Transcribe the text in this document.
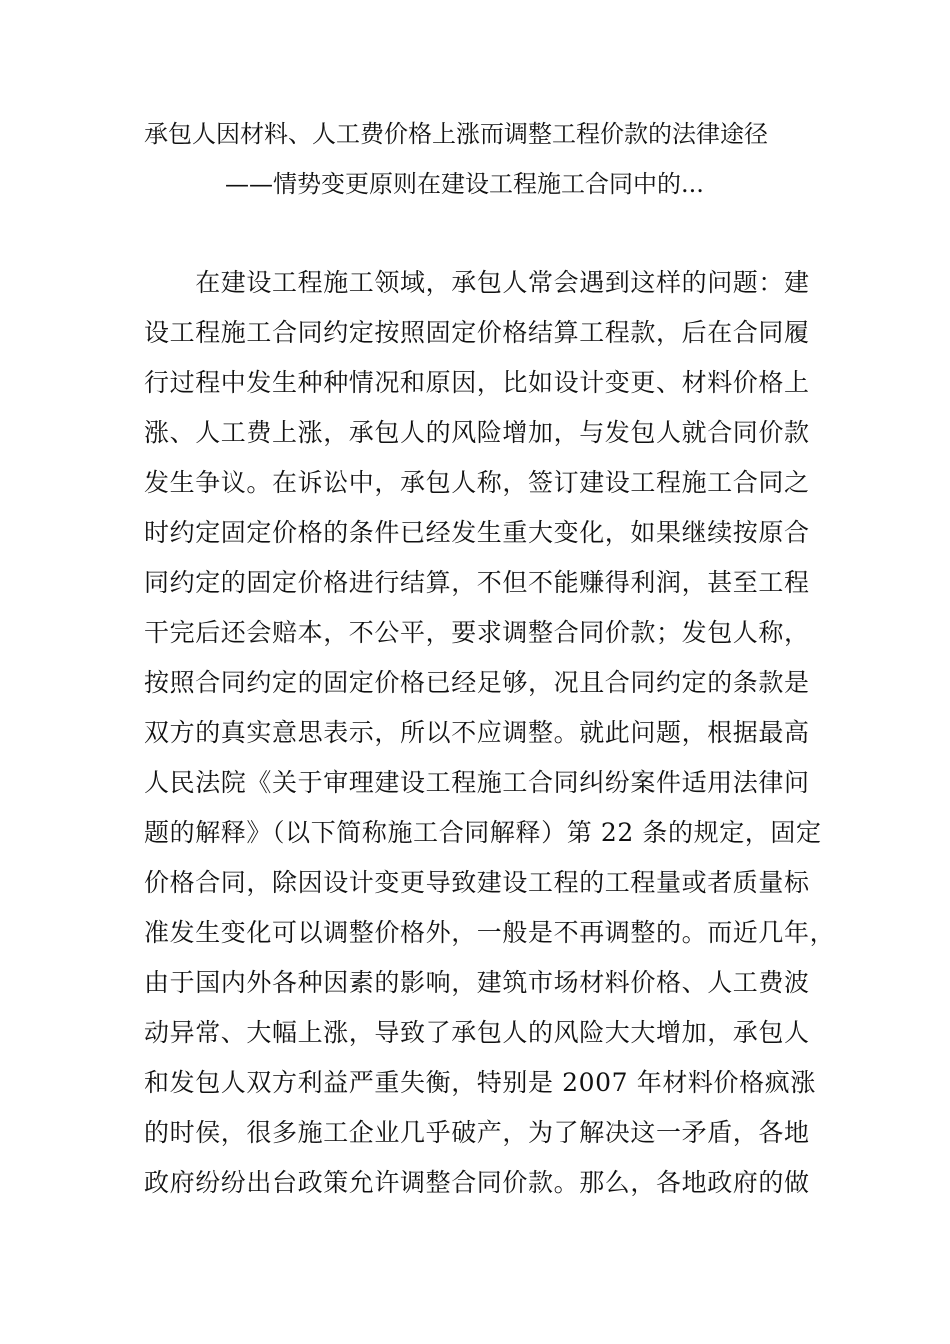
承包人因材料、人工费价格上涨而调整工程价款的法律途径
——情势变更原则在建设工程施工合同中的...
　　在建设工程施工领域，承包人常会遇到这样的问题：建
设工程施工合同约定按照固定价格结算工程款，后在合同履
行过程中发生种种情况和原因，比如设计变更、材料价格上
涨、人工费上涨，承包人的风险增加，与发包人就合同价款
发生争议。在诉讼中，承包人称，签订建设工程施工合同之
时约定固定价格的条件已经发生重大变化，如果继续按原合
同约定的固定价格进行结算，不但不能赚得利润，甚至工程
干完后还会赔本，不公平，要求调整合同价款；发包人称，
按照合同约定的固定价格已经足够，况且合同约定的条款是
双方的真实意思表示，所以不应调整。就此问题，根据最高
人民法院《关于审理建设工程施工合同纠纷案件适用法律问
题的解释》（以下简称施工合同解释）第 22 条的规定，固定
价格合同，除因设计变更导致建设工程的工程量或者质量标
准发生变化可以调整价格外，一般是不再调整的。而近几年，
由于国内外各种因素的影响，建筑市场材料价格、人工费波
动异常、大幅上涨，导致了承包人的风险大大增加，承包人
和发包人双方利益严重失衡，特别是 2007 年材料价格疯涨
的时侯，很多施工企业几乎破产，为了解决这一矛盾，各地
政府纷纷出台政策允许调整合同价款。那么，各地政府的做
